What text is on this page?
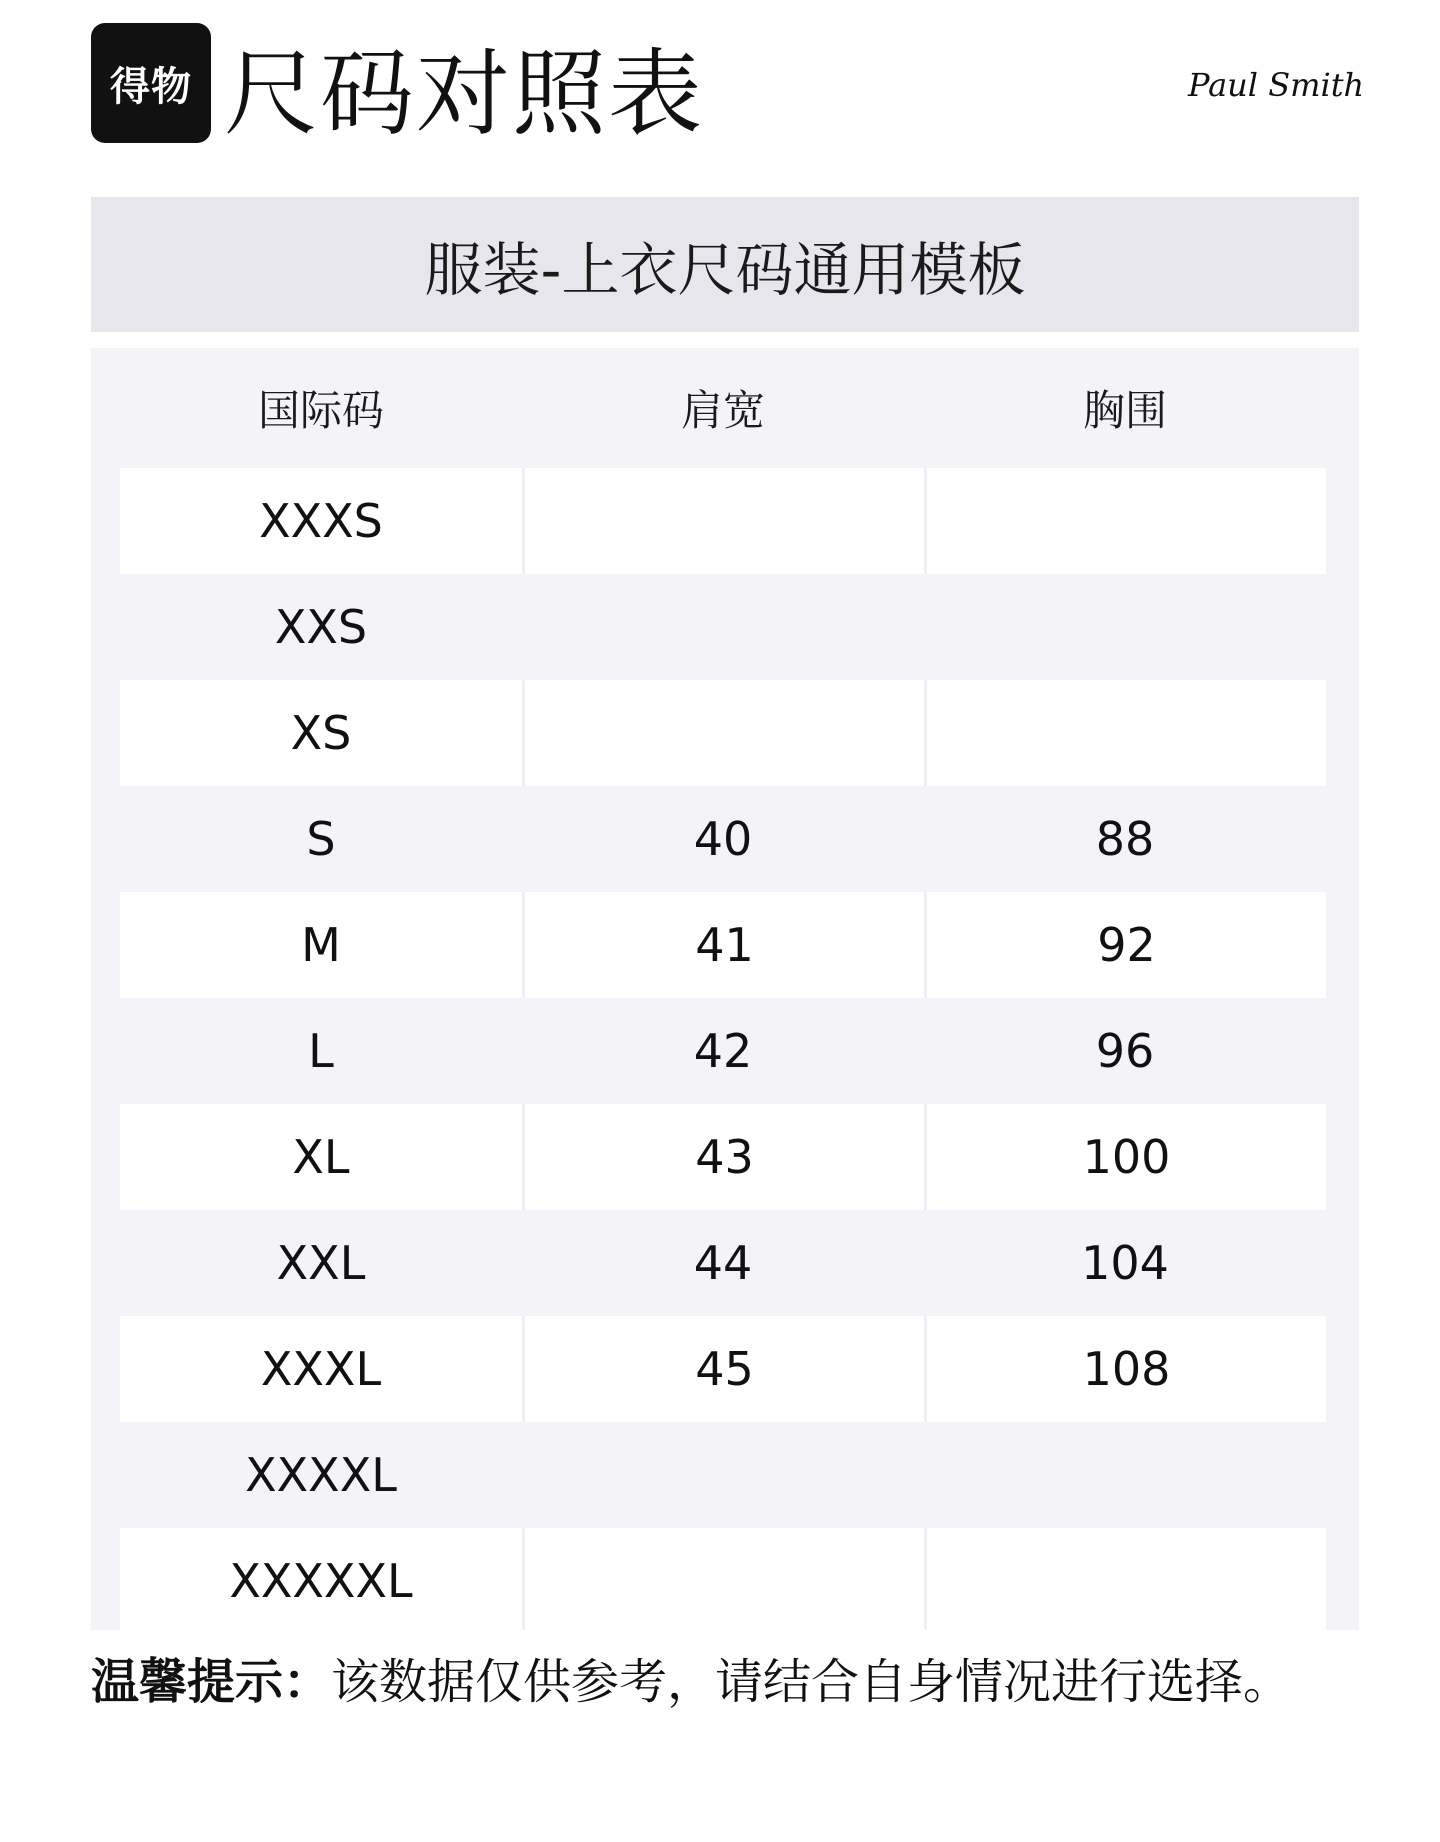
得物 尺码对照表	Paul Smith
服装-上衣尺码通用模板
国际码	肩宽	胸围
XXXS
XXS
XS
S	40	88
M	41	92
L	42	96
XL	43	100
XXL	44	104
XXXL	45	108
XXXXL
XXXXXL
温馨提示：该数据仅供参考，请结合自身情况进行选择。
